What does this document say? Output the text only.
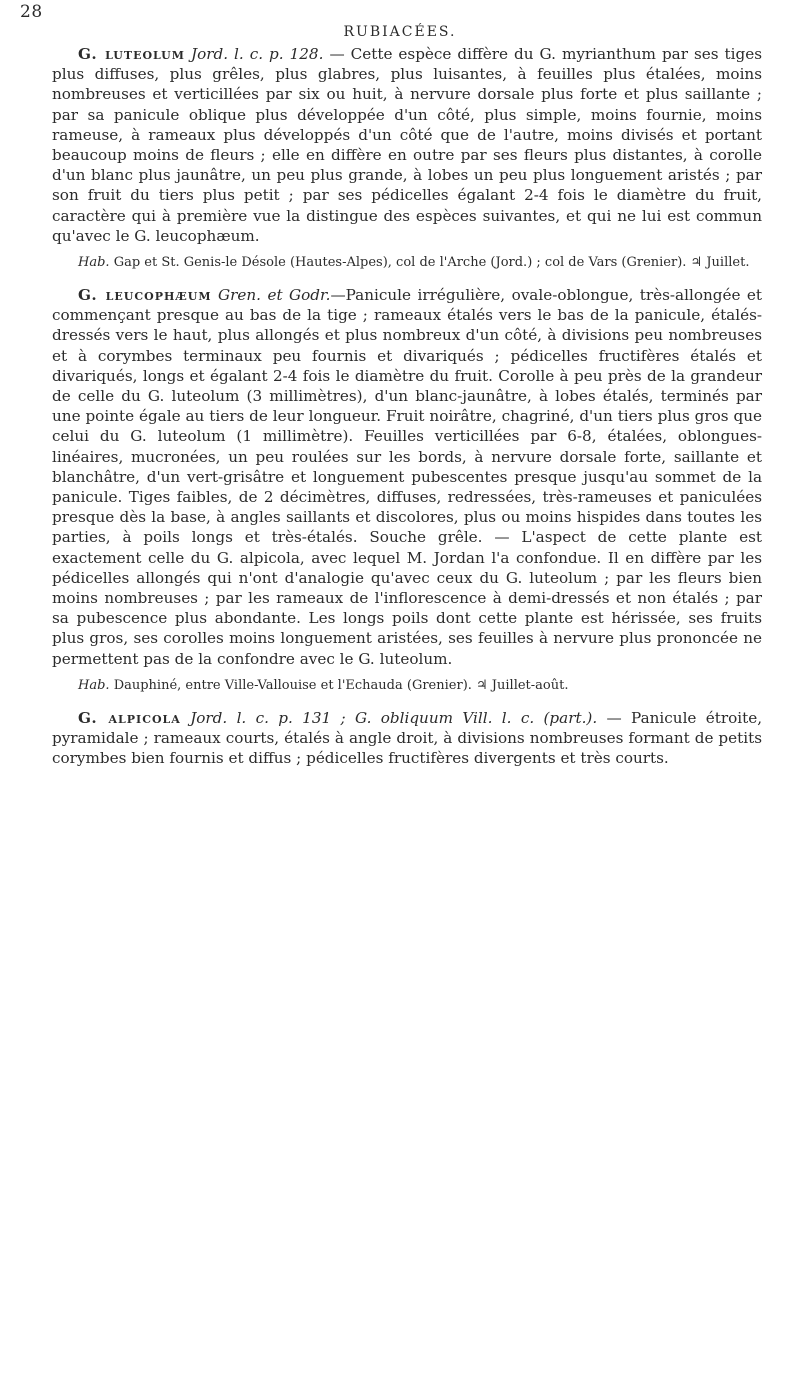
28
RUBIACÉES.

G. luteolum Jord. l. c. p. 128. — Cette espèce diffère du G. myrianthum par ses tiges plus diffuses, plus grêles, plus glabres, plus luisantes, à feuilles plus étalées, moins nombreuses et verticillées par six ou huit, à nervure dorsale plus forte et plus saillante ; par sa panicule oblique plus développée d'un côté, plus simple, moins fournie, moins rameuse, à rameaux plus développés d'un côté que de l'autre, moins divisés et portant beaucoup moins de fleurs ; elle en diffère en outre par ses fleurs plus distantes, à corolle d'un blanc plus jaunâtre, un peu plus grande, à lobes un peu plus longuement aristés ; par son fruit du tiers plus petit ; par ses pédicelles égalant 2-4 fois le diamètre du fruit, caractère qui à première vue la distingue des espèces suivantes, et qui ne lui est commun qu'avec le G. leucophæum.

Hab. Gap et St. Genis-le Désole (Hautes-Alpes), col de l'Arche (Jord.) ; col de Vars (Grenier). ♃ Juillet.

G. leucophæum Gren. et Godr.—Panicule irrégulière, ovale-oblongue, très-allongée et commençant presque au bas de la tige ; rameaux étalés vers le bas de la panicule, étalés-dressés vers le haut, plus allongés et plus nombreux d'un côté, à divisions peu nombreuses et à corymbes terminaux peu fournis et divariqués ; pédicelles fructifères étalés et divariqués, longs et égalant 2-4 fois le diamètre du fruit. Corolle à peu près de la grandeur de celle du G. luteolum (3 millimètres), d'un blanc-jaunâtre, à lobes étalés, terminés par une pointe égale au tiers de leur longueur. Fruit noirâtre, chagriné, d'un tiers plus gros que celui du G. luteolum (1 millimètre). Feuilles verticillées par 6-8, étalées, oblongues-linéaires, mucronées, un peu roulées sur les bords, à nervure dorsale forte, saillante et blanchâtre, d'un vert-grisâtre et longuement pubescentes presque jusqu'au sommet de la panicule. Tiges faibles, de 2 décimètres, diffuses, redressées, très-rameuses et paniculées presque dès la base, à angles saillants et discolores, plus ou moins hispides dans toutes les parties, à poils longs et très-étalés. Souche grêle. — L'aspect de cette plante est exactement celle du G. alpicola, avec lequel M. Jordan l'a confondue. Il en diffère par les pédicelles allongés qui n'ont d'analogie qu'avec ceux du G. luteolum ; par les fleurs bien moins nombreuses ; par les rameaux de l'inflorescence à demi-dressés et non étalés ; par sa pubescence plus abondante. Les longs poils dont cette plante est hérissée, ses fruits plus gros, ses corolles moins longuement aristées, ses feuilles à nervure plus prononcée ne permettent pas de la confondre avec le G. luteolum.

Hab. Dauphiné, entre Ville-Vallouise et l'Echauda (Grenier). ♃ Juillet-août.

G. alpicola Jord. l. c. p. 131 ; G. obliquum Vill. l. c. (part.). — Panicule étroite, pyramidale ; rameaux courts, étalés à angle droit, à divisions nombreuses formant de petits corymbes bien fournis et diffus ; pédicelles fructifères divergents et très courts.
